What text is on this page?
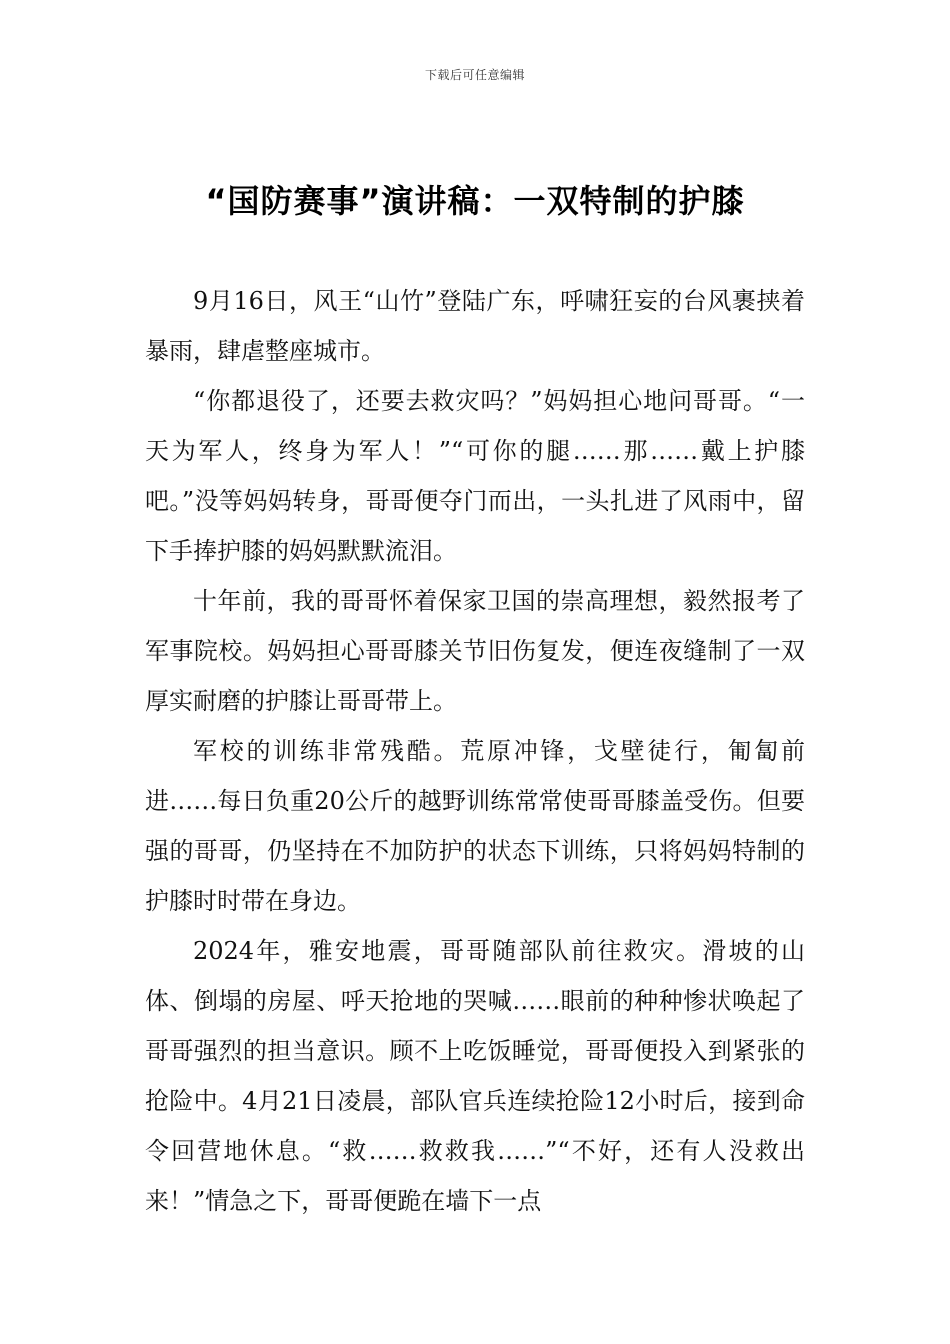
下载后可任意编辑
“国防赛事”演讲稿：一双特制的护膝

9月16日，风王“山竹”登陆广东，呼啸狂妄的台风裹挟着暴雨，肆虐整座城市。

“你都退役了，还要去救灾吗？”妈妈担心地问哥哥。“一天为军人，终身为军人！”“可你的腿……那……戴上护膝吧。”没等妈妈转身，哥哥便夺门而出，一头扎进了风雨中，留下手捧护膝的妈妈默默流泪。

十年前，我的哥哥怀着保家卫国的崇高理想，毅然报考了军事院校。妈妈担心哥哥膝关节旧伤复发，便连夜缝制了一双厚实耐磨的护膝让哥哥带上。

军校的训练非常残酷。荒原冲锋，戈壁徒行，匍匐前进……每日负重20公斤的越野训练常常使哥哥膝盖受伤。但要强的哥哥，仍坚持在不加防护的状态下训练，只将妈妈特制的护膝时时带在身边。

2024年，雅安地震，哥哥随部队前往救灾。滑坡的山体、倒塌的房屋、呼天抢地的哭喊……眼前的种种惨状唤起了哥哥强烈的担当意识。顾不上吃饭睡觉，哥哥便投入到紧张的抢险中。4月21日凌晨，部队官兵连续抢险12小时后，接到命令回营地休息。“救……救救我……”“不好，还有人没救出来！”情急之下，哥哥便跪在墙下一点
